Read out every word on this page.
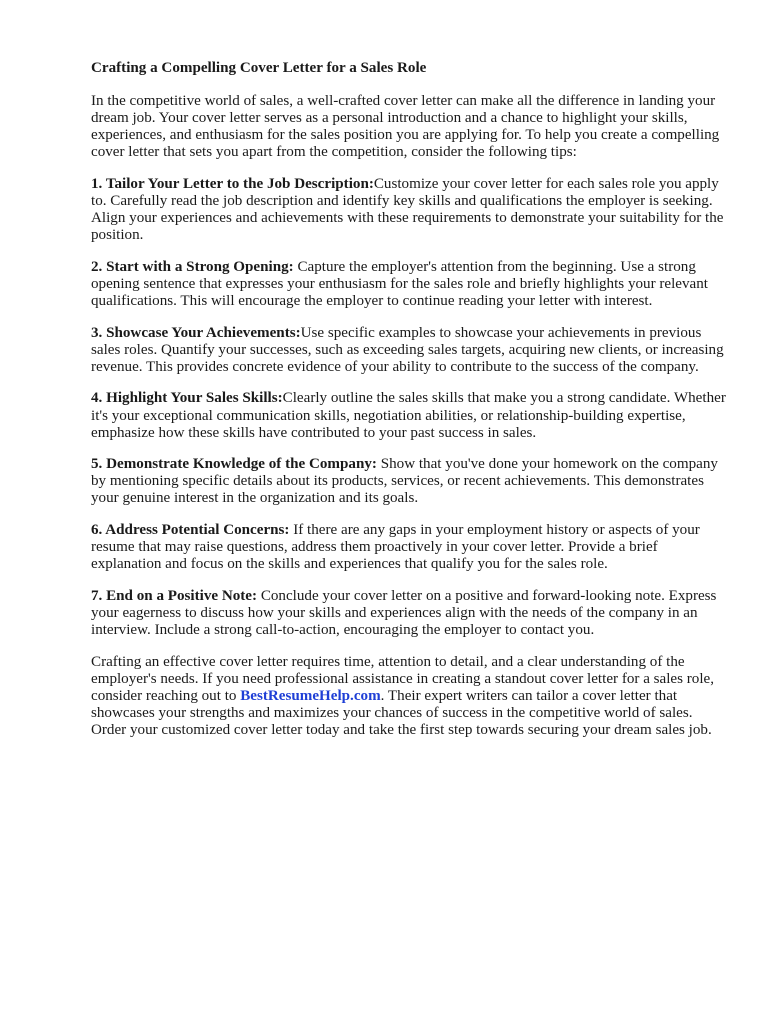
Crafting a Compelling Cover Letter for a Sales Role

In the competitive world of sales, a well-crafted cover letter can make all the difference in landing your dream job. Your cover letter serves as a personal introduction and a chance to highlight your skills, experiences, and enthusiasm for the sales position you are applying for. To help you create a compelling cover letter that sets you apart from the competition, consider the following tips:

1. Tailor Your Letter to the Job Description:Customize your cover letter for each sales role you apply to. Carefully read the job description and identify key skills and qualifications the employer is seeking. Align your experiences and achievements with these requirements to demonstrate your suitability for the position.

2. Start with a Strong Opening: Capture the employer's attention from the beginning. Use a strong opening sentence that expresses your enthusiasm for the sales role and briefly highlights your relevant qualifications. This will encourage the employer to continue reading your letter with interest.

3. Showcase Your Achievements:Use specific examples to showcase your achievements in previous sales roles. Quantify your successes, such as exceeding sales targets, acquiring new clients, or increasing revenue. This provides concrete evidence of your ability to contribute to the success of the company.

4. Highlight Your Sales Skills:Clearly outline the sales skills that make you a strong candidate. Whether it's your exceptional communication skills, negotiation abilities, or relationship-building expertise, emphasize how these skills have contributed to your past success in sales.

5. Demonstrate Knowledge of the Company: Show that you've done your homework on the company by mentioning specific details about its products, services, or recent achievements. This demonstrates your genuine interest in the organization and its goals.

6. Address Potential Concerns: If there are any gaps in your employment history or aspects of your resume that may raise questions, address them proactively in your cover letter. Provide a brief explanation and focus on the skills and experiences that qualify you for the sales role.

7. End on a Positive Note: Conclude your cover letter on a positive and forward-looking note. Express your eagerness to discuss how your skills and experiences align with the needs of the company in an interview. Include a strong call-to-action, encouraging the employer to contact you.

Crafting an effective cover letter requires time, attention to detail, and a clear understanding of the employer's needs. If you need professional assistance in creating a standout cover letter for a sales role, consider reaching out to BestResumeHelp.com. Their expert writers can tailor a cover letter that showcases your strengths and maximizes your chances of success in the competitive world of sales. Order your customized cover letter today and take the first step towards securing your dream sales job.
